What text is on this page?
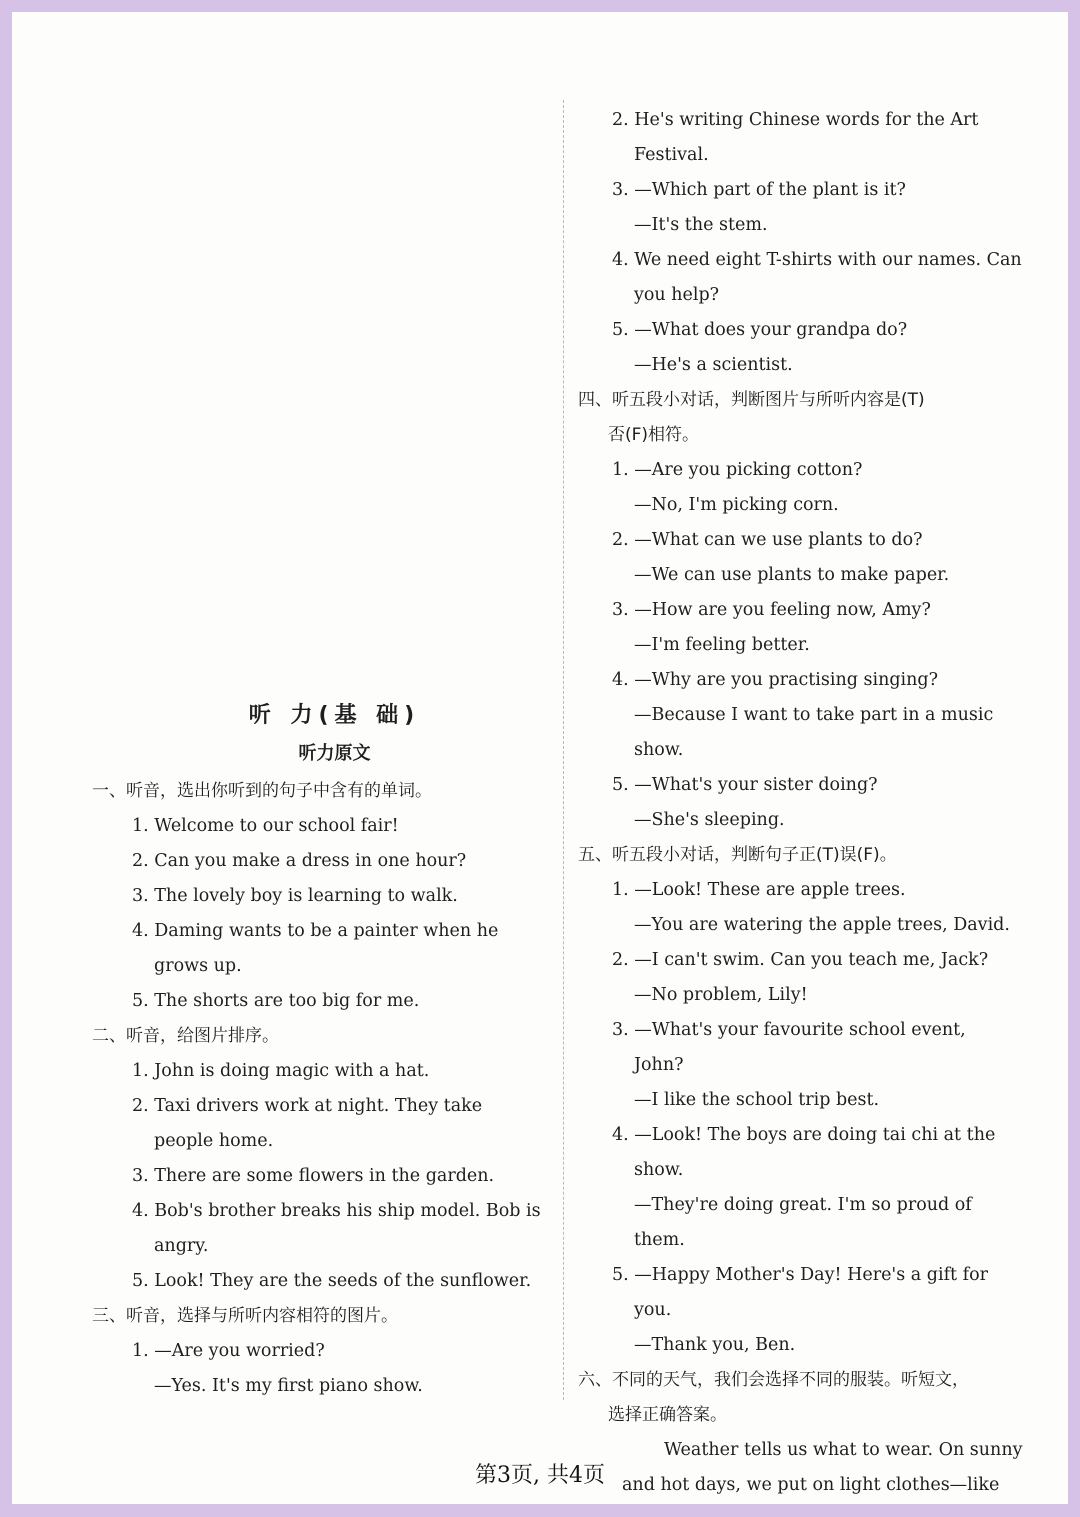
听 力(基 础)
听力原文
一、听音，选出你听到的句子中含有的单词。
1. Welcome to our school fair!
2. Can you make a dress in one hour?
3. The lovely boy is learning to walk.
4. Daming wants to be a painter when he
grows up.
5. The shorts are too big for me.
二、听音，给图片排序。
1. John is doing magic with a hat.
2. Taxi drivers work at night. They take
people home.
3. There are some flowers in the garden.
4. Bob's brother breaks his ship model. Bob is
angry.
5. Look! They are the seeds of the sunflower.
三、听音，选择与所听内容相符的图片。
1. —Are you worried?
—Yes. It's my first piano show.
2. He's writing Chinese words for the Art
Festival.
3. —Which part of the plant is it?
—It's the stem.
4. We need eight T-shirts with our names. Can
you help?
5. —What does your grandpa do?
—He's a scientist.
四、听五段小对话，判断图片与所听内容是(T)
否(F)相符。
1. —Are you picking cotton?
—No, I'm picking corn.
2. —What can we use plants to do?
—We can use plants to make paper.
3. —How are you feeling now, Amy?
—I'm feeling better.
4. —Why are you practising singing?
—Because I want to take part in a music show.
5. —What's your sister doing?
—She's sleeping.
五、听五段小对话，判断句子正(T)误(F)。
1. —Look! These are apple trees.
—You are watering the apple trees, David.
2. —I can't swim. Can you teach me, Jack?
—No problem, Lily!
3. —What's your favourite school event,
John?
—I like the school trip best.
4. —Look! The boys are doing tai chi at the
show.
—They're doing great. I'm so proud of
them.
5. —Happy Mother's Day! Here's a gift for
you.
—Thank you, Ben.
六、不同的天气，我们会选择不同的服装。听短文，
选择正确答案。
Weather tells us what to wear. On sunny
and hot days, we put on light clothes—like
第3页, 共4页
